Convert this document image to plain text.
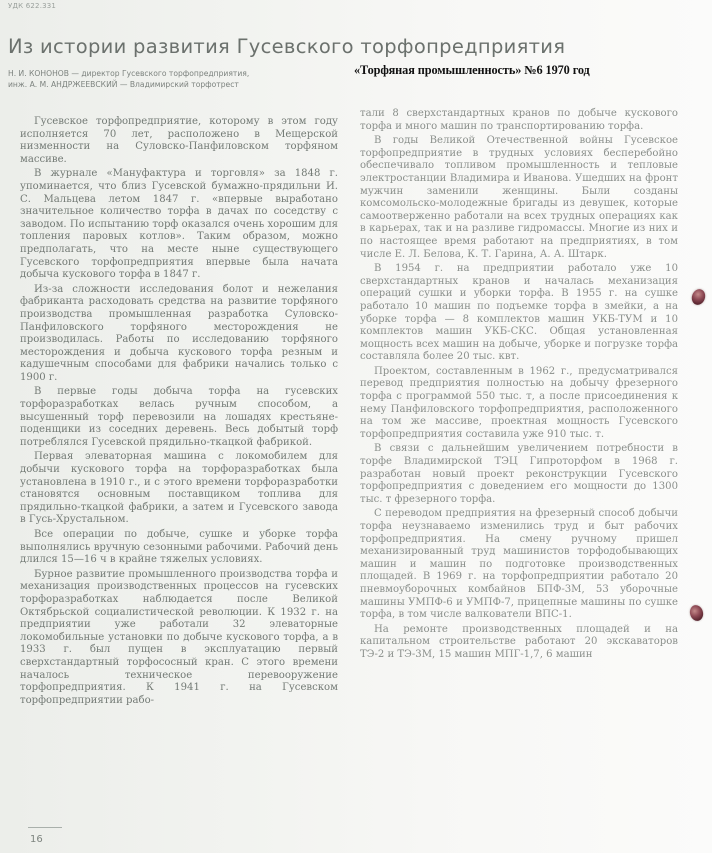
УДК 622.331
Из истории развития Гусевского торфопредприятия
Н. И. КОНОНОВ — директор Гусевского торфопредприятия,
инж. А. М. АНДРЖЕЕВСКИЙ — Владимирский торфотрест
«Торфяная промышленность» №6 1970 год

Гусевское торфопредприятие, которому в этом году исполняется 70 лет, расположено в Мещерской низменности на Суловско-Панфиловском торфяном массиве.

В журнале «Мануфактура и торговля» за 1848 г. упоминается, что близ Гусевской бумажно-прядильни И. С. Мальцева летом 1847 г. «впервые выработано значительное количество торфа в дачах по соседству с заводом. По испытанию торф оказался очень хорошим для топления паровых котлов». Таким образом, можно предполагать, что на месте ныне существующего Гусевского торфопредприятия впервые была начата добыча кускового торфа в 1847 г.

Из-за сложности исследования болот и нежелания фабриканта расходовать средства на развитие торфяного производства промышленная разработка Суловско-Панфиловского торфяного месторождения не производилась. Работы по исследованию торфяного месторождения и добыча кускового торфа резным и кадушечным способами для фабрики начались только с 1900 г.

В первые годы добыча торфа на гусевских торфоразработках велась ручным способом, а высушенный торф перевозили на лошадях крестьяне-поденщики из соседних деревень. Весь добытый торф потреблялся Гусевской прядильно-ткацкой фабрикой.

Первая элеваторная машина с локомобилем для добычи кускового торфа на торфоразработках была установлена в 1910 г., и с этого времени торфоразработки становятся основным поставщиком топлива для прядильно-ткацкой фабрики, а затем и Гусевского завода в Гусь-Хрустальном.

Все операции по добыче, сушке и уборке торфа выполнялись вручную сезонными рабочими. Рабочий день длился 15—16 ч в крайне тяжелых условиях.

Бурное развитие промышленного производства торфа и механизация производственных процессов на гусевских торфоразработках наблюдается после Великой Октябрьской социалистической революции. К 1932 г. на предприятии уже работали 32 элеваторные локомобильные установки по добыче кускового торфа, а в 1933 г. был пущен в эксплуатацию первый сверхстандартный торфососный кран. С этого времени началось техническое перевооружение торфопредприятия. К 1941 г. на Гусевском торфопредприятии рабо-

тали 8 сверхстандартных кранов по добыче кускового торфа и много машин по транспортированию торфа.

В годы Великой Отечественной войны Гусевское торфопредприятие в трудных условиях бесперебойно обеспечивало топливом промышленность и тепловые электростанции Владимира и Иванова. Ушедших на фронт мужчин заменили женщины. Были созданы комсомольско-молодежные бригады из девушек, которые самоотверженно работали на всех трудных операциях как в карьерах, так и на разливе гидромассы. Многие из них и по настоящее время работают на предприятиях, в том числе Е. Л. Белова, К. Т. Гарина, А. А. Штарк.

В 1954 г. на предприятии работало уже 10 сверхстандартных кранов и началась механизация операций сушки и уборки торфа. В 1955 г. на сушке работало 10 машин по подъемке торфа в змейки, а на уборке торфа — 8 комплектов машин УКБ-ТУМ и 10 комплектов машин УКБ-СКС. Общая установленная мощность всех машин на добыче, уборке и погрузке торфа составляла более 20 тыс. квт.

Проектом, составленным в 1962 г., предусматривался перевод предприятия полностью на добычу фрезерного торфа с программой 550 тыс. т, а после присоединения к нему Панфиловского торфопредприятия, расположенного на том же массиве, проектная мощность Гусевского торфопредприятия составила уже 910 тыс. т.

В связи с дальнейшим увеличением потребности в торфе Владимирской ТЭЦ Гипроторфом в 1968 г. разработан новый проект реконструкции Гусевского торфопредприятия с доведением его мощности до 1300 тыс. т фрезерного торфа.

С переводом предприятия на фрезерный способ добычи торфа неузнаваемо изменились труд и быт рабочих торфопредприятия. На смену ручному пришел механизированный труд машинистов торфодобывающих машин и машин по подготовке производственных площадей. В 1969 г. на торфопредприятии работало 20 пневмоуборочных комбайнов БПФ-3М, 53 уборочные машины УМПФ-6 и УМПФ-7, прицепные машины по сушке торфа, в том числе валкователи ВПС-1.

На ремонте производственных площадей и на капитальном строительстве работают 20 экскаваторов ТЭ-2 и ТЭ-3М, 15 машин МПГ-1,7, 6 машин

16
